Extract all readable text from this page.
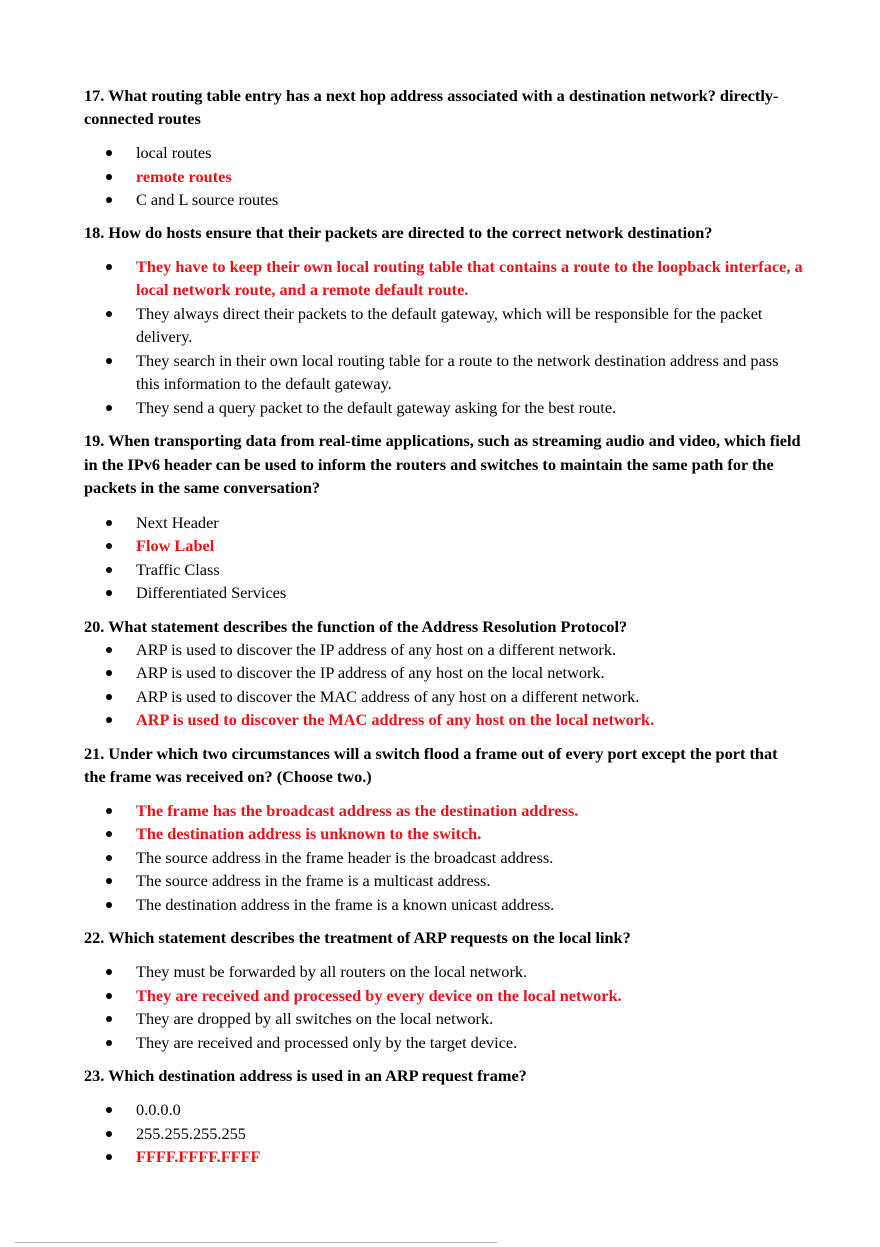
17. What routing table entry has a next hop address associated with a destination network? directly-connected routes

local routes
remote routes
C and L source routes

18. How do hosts ensure that their packets are directed to the correct network destination?

They have to keep their own local routing table that contains a route to the loopback interface, a local network route, and a remote default route.
They always direct their packets to the default gateway, which will be responsible for the packet delivery.
They search in their own local routing table for a route to the network destination address and pass this information to the default gateway.
They send a query packet to the default gateway asking for the best route.

19. When transporting data from real-time applications, such as streaming audio and video, which field in the IPv6 header can be used to inform the routers and switches to maintain the same path for the packets in the same conversation?

Next Header
Flow Label
Traffic Class
Differentiated Services

20. What statement describes the function of the Address Resolution Protocol?

ARP is used to discover the IP address of any host on a different network.
ARP is used to discover the IP address of any host on the local network.
ARP is used to discover the MAC address of any host on a different network.
ARP is used to discover the MAC address of any host on the local network.

21. Under which two circumstances will a switch flood a frame out of every port except the port that the frame was received on? (Choose two.)

The frame has the broadcast address as the destination address.
The destination address is unknown to the switch.
The source address in the frame header is the broadcast address.
The source address in the frame is a multicast address.
The destination address in the frame is a known unicast address.

22. Which statement describes the treatment of ARP requests on the local link?

They must be forwarded by all routers on the local network.
They are received and processed by every device on the local network.
They are dropped by all switches on the local network.
They are received and processed only by the target device.

23. Which destination address is used in an ARP request frame?

0.0.0.0
255.255.255.255
FFFF.FFFF.FFFF
